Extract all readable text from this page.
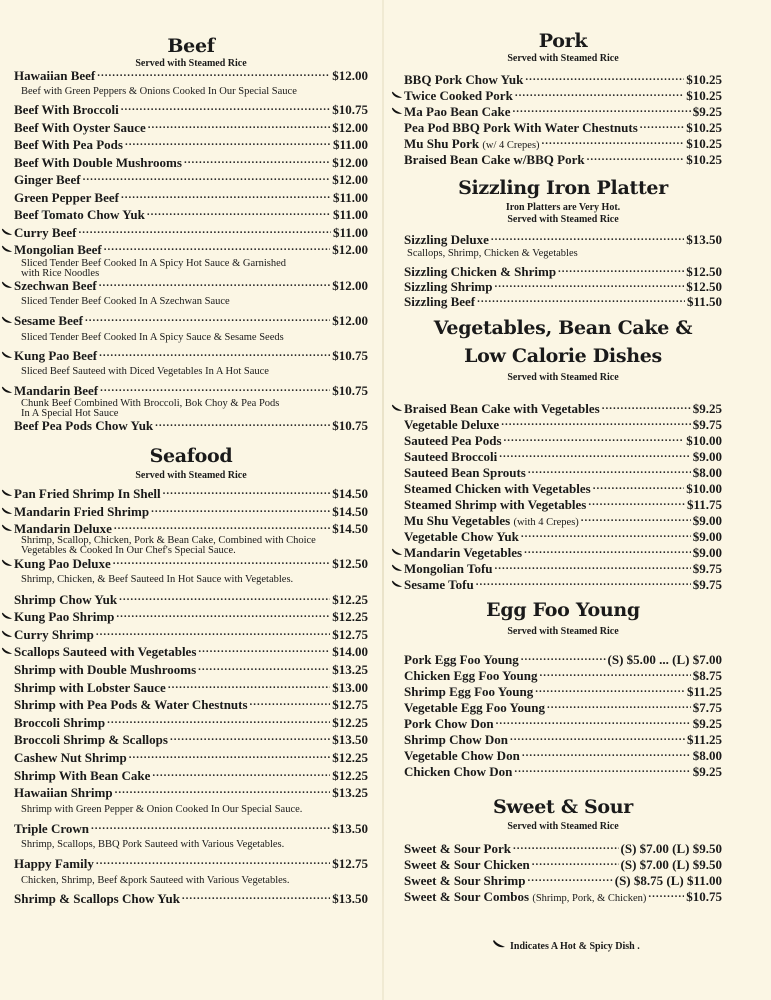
Beef
Served with Steamed Rice
Hawaiian Beef .....	$12.00
Beef with Green Peppers & Onions Cooked In Our Special Sauce
Beef With Broccoli .....	$10.75
Beef With Oyster Sauce .....	$12.00
Beef With Pea Pods .....	$11.00
Beef With Double Mushrooms .....	$12.00
Ginger Beef .....	$12.00
Green Pepper Beef .....	$11.00
Beef Tomato Chow Yuk .....	$11.00
Curry Beef .....	$11.00
Mongolian Beef .....	$12.00
Sliced Tender Beef Cooked In A Spicy Hot Sauce & Garnished
with Rice Noodles
Szechwan Beef .....	$12.00
Sliced Tender Beef Cooked In A Szechwan Sauce
Sesame Beef .....	$12.00
Sliced Tender Beef Cooked In A Spicy Sauce & Sesame Seeds
Kung Pao Beef .....	$10.75
Sliced Beef Sauteed with Diced Vegetables In A Hot Sauce
Mandarin Beef .....	$10.75
Chunk Beef Combined With Broccoli, Bok Choy & Pea Pods
In A Special Hot Sauce
Beef Pea Pods Chow Yuk .....	$10.75
Seafood
Served with Steamed Rice
Pan Fried Shrimp In Shell .....	$14.50
Mandarin Fried Shrimp .....	$14.50
Mandarin Deluxe .....	$14.50
Shrimp, Scallop, Chicken, Pork & Bean Cake, Combined with Choice
Vegetables & Cooked In Our Chef's Special Sauce.
Kung Pao Deluxe .....	$12.50
Shrimp, Chicken, & Beef Sauteed In Hot Sauce with Vegetables.
Shrimp Chow Yuk .....	$12.25
Kung Pao Shrimp .....	$12.25
Curry Shrimp .....	$12.75
Scallops Sauteed with Vegetables .....	$14.00
Shrimp with Double Mushrooms .....	$13.25
Shrimp with Lobster Sauce .....	$13.00
Shrimp with Pea Pods & Water Chestnuts .....	$12.75
Broccoli Shrimp .....	$12.25
Broccoli Shrimp & Scallops .....	$13.50
Cashew Nut Shrimp .....	$12.25
Shrimp With Bean Cake .....	$12.25
Hawaiian Shrimp .....	$13.25
Shrimp with Green Pepper & Onion Cooked In Our Special Sauce.
Triple Crown .....	$13.50
Shrimp, Scallops, BBQ Pork Sauteed with Various Vegetables.
Happy Family .....	$12.75
Chicken, Shrimp, Beef &pork Sauteed with Various Vegetables.
Shrimp & Scallops Chow Yuk .....	$13.50
Pork
Served with Steamed Rice
BBQ Pork Chow Yuk .....	$10.25
Twice Cooked Pork .....	$10.25
Ma Pao Bean Cake .....	$9.25
Pea Pod BBQ Pork With Water Chestnuts .....	$10.25
Mu Shu Pork (w/ 4 Crepes) .....	$10.25
Braised Bean Cake w/BBQ Pork .....	$10.25
Sizzling Iron Platter
Iron Platters are Very Hot.
Served with Steamed Rice
Sizzling Deluxe .....	$13.50
Scallops, Shrimp, Chicken & Vegetables
Sizzling Chicken & Shrimp .....	$12.50
Sizzling Shrimp .....	$12.50
Sizzling Beef .....	$11.50
Vegetables, Bean Cake &
Low Calorie Dishes
Served with Steamed Rice
Braised Bean Cake with Vegetables .....	$9.25
Vegetable Deluxe .....	$9.75
Sauteed Pea Pods .....	$10.00
Sauteed Broccoli .....	$9.00
Sauteed Bean Sprouts .....	$8.00
Steamed Chicken with Vegetables .....	$10.00
Steamed Shrimp with Vegetables .....	$11.75
Mu Shu Vegetables (with 4 Crepes) .....	$9.00
Vegetable Chow Yuk .....	$9.00
Mandarin Vegetables .....	$9.00
Mongolian Tofu .....	$9.75
Sesame Tofu .....	$9.75
Egg Foo Young
Served with Steamed Rice
Pork Egg Foo Young .....	(S) $5.00 ... (L) $7.00
Chicken Egg Foo Young .....	$8.75
Shrimp Egg Foo Young .....	$11.25
Vegetable Egg Foo Young .....	$7.75
Pork Chow Don .....	$9.25
Shrimp Chow Don .....	$11.25
Vegetable Chow Don .....	$8.00
Chicken Chow Don .....	$9.25
Sweet & Sour
Served with Steamed Rice
Sweet & Sour Pork .....	(S) $7.00 (L) $9.50
Sweet & Sour Chicken .....	(S) $7.00 (L) $9.50
Sweet & Sour Shrimp .....	(S) $8.75 (L) $11.00
Sweet & Sour Combos (Shrimp, Pork, & Chicken) .....	$10.75
Indicates A Hot & Spicy Dish .
